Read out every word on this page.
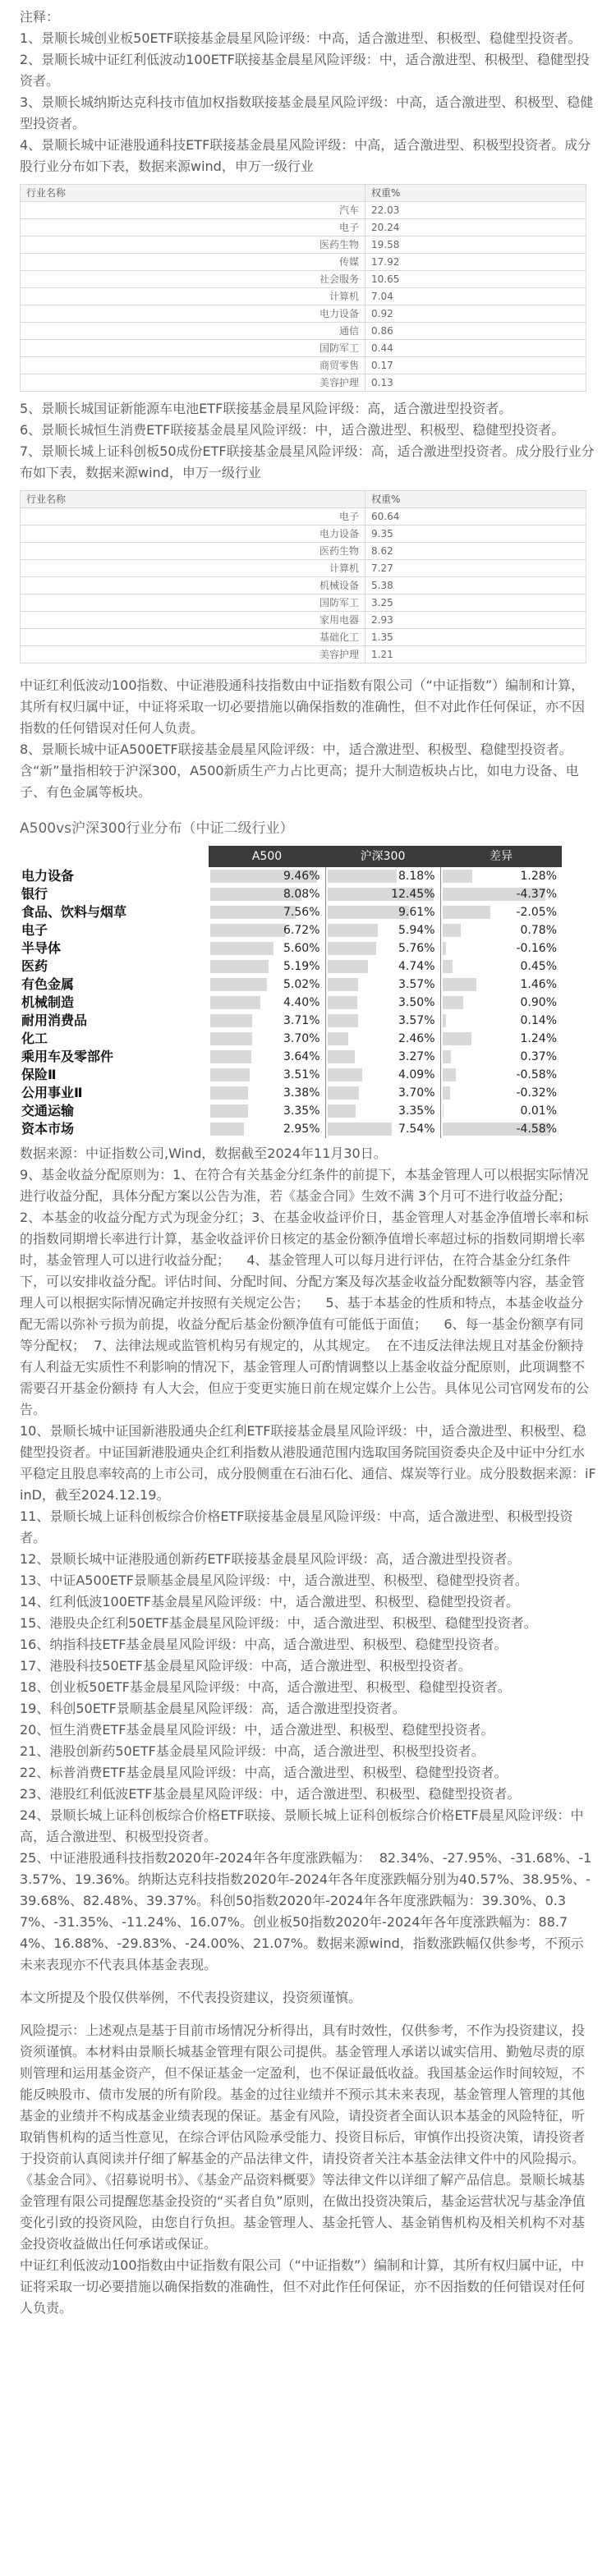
注释：

1、景顺长城创业板50ETF联接基金晨星风险评级：中高，适合激进型、积极型、稳健型投资者。

2、景顺长城中证红利低波动100ETF联接基金晨星风险评级：中，适合激进型、积极型、稳健型投资者。

3、景顺长城纳斯达克科技市值加权指数联接基金晨星风险评级：中高，适合激进型、积极型、稳健型投资者。

4、景顺长城中证港股通科技ETF联接基金晨星风险评级：中高，适合激进型、积极型投资者。成分股行业分布如下表，数据来源wind，申万一级行业

行业名称	权重%
汽车	22.03
电子	20.24
医药生物	19.58
传媒	17.92
社会服务	10.65
计算机	7.04
电力设备	0.92
通信	0.86
国防军工	0.44
商贸零售	0.17
美容护理	0.13

5、景顺长城国证新能源车电池ETF联接基金晨星风险评级：高，适合激进型投资者。

6、景顺长城恒生消费ETF联接基金晨星风险评级：中，适合激进型、积极型、稳健型投资者。

7、景顺长城上证科创板50成份ETF联接基金晨星风险评级：高，适合激进型投资者。成分股行业分布如下表，数据来源wind，申万一级行业

行业名称	权重%
电子	60.64
电力设备	9.35
医药生物	8.62
计算机	7.27
机械设备	5.38
国防军工	3.25
家用电器	2.93
基础化工	1.35
美容护理	1.21

中证红利低波动100指数、中证港股通科技指数由中证指数有限公司（“中证指数”）编制和计算，其所有权归属中证，中证将采取一切必要措施以确保指数的准确性，但不对此作任何保证，亦不因指数的任何错误对任何人负责。

8、景顺长城中证A500ETF联接基金晨星风险评级：中，适合激进型、积极型、稳健型投资者。含“新”量指相较于沪深300，A500新质生产力占比更高；提升大制造板块占比，如电力设备、电子、有色金属等板块。

A500vs沪深300行业分布（中证二级行业）
	A500	沪深300	差异
电力设备	9.46%	8.18%	1.28%

银行	8.08%	12.45%	-4.37%

食品、饮料与烟草	7.56%	9.61%	-2.05%

电子	6.72%	5.94%	0.78%

半导体	5.60%	5.76%	-0.16%

医药	5.19%	4.74%	0.45%

有色金属	5.02%	3.57%	1.46%

机械制造	4.40%	3.50%	0.90%

耐用消费品	3.71%	3.57%	0.14%

化工	3.70%	2.46%	1.24%

乘用车及零部件	3.64%	3.27%	0.37%

保险Ⅱ	3.51%	4.09%	-0.58%

公用事业Ⅱ	3.38%	3.70%	-0.32%

交通运输	3.35%	3.35%	0.01%

资本市场	2.95%	7.54%	-4.58%

数据来源：中证指数公司,Wind，数据截至2024年11月30日。

9、基金收益分配原则为：1、在符合有关基金分红条件的前提下，本基金管理人可以根据实际情况进行收益分配，具体分配方案以公告为准，若《基金合同》生效不满 3个月可不进行收益分配；  2、本基金的收益分配方式为现金分红；3、在基金收益评价日，基金管理人对基金净值增长率和标的指数同期增长率进行计算，基金收益评价日核定的基金份额净值增长率超过标的指数同期增长率时，基金管理人可以进行收益分配；    4、基金管理人可以每月进行评估，在符合基金分红条件下，可以安排收益分配。评估时间、分配时间、分配方案及每次基金收益分配数额等内容，基金管理人可以根据实际情况确定并按照有关规定公告；    5、基于本基金的性质和特点，本基金收益分配无需以弥补亏损为前提，收益分配后基金份额净值有可能低于面值；    6、每一基金份额享有同等分配权；  7、法律法规或监管机构另有规定的，从其规定。  在不违反法律法规且对基金份额持有人利益无实质性不利影响的情况下，基金管理人可酌情调整以上基金收益分配原则，此项调整不需要召开基金份额持 有人大会，但应于变更实施日前在规定媒介上公告。具体见公司官网发布的公告。

10、景顺长城中证国新港股通央企红利ETF联接基金晨星风险评级：中，适合激进型、积极型、稳健型投资者。中证国新港股通央企红利指数从港股通范围内选取国务院国资委央企及中证中分红水平稳定且股息率较高的上市公司，成分股侧重在石油石化、通信、煤炭等行业。成分股数据来源：iFinD，截至2024.12.19。

11、景顺长城上证科创板综合价格ETF联接基金晨星风险评级：中高，适合激进型、积极型投资者。

12、景顺长城中证港股通创新药ETF联接基金晨星风险评级：高，适合激进型投资者。

13、中证A500ETF景顺基金晨星风险评级：中，适合激进型、积极型、稳健型投资者。

14、红利低波100ETF基金晨星风险评级：中，适合激进型、积极型、稳健型投资者。

15、港股央企红利50ETF基金晨星风险评级：中，适合激进型、积极型、稳健型投资者。

16、纳指科技ETF基金晨星风险评级：中高，适合激进型、积极型、稳健型投资者。

17、港股科技50ETF基金晨星风险评级：中高，适合激进型、积极型投资者。

18、创业板50ETF基金晨星风险评级：中高，适合激进型、积极型、稳健型投资者。

19、科创50ETF景顺基金晨星风险评级：高，适合激进型投资者。

20、恒生消费ETF基金晨星风险评级：中，适合激进型、积极型、稳健型投资者。

21、港股创新药50ETF基金晨星风险评级：中高，适合激进型、积极型投资者。

22、标普消费ETF基金晨星风险评级：中高，适合激进型、积极型、稳健型投资者。

23、港股红利低波ETF基金晨星风险评级：中，适合激进型、积极型、稳健型投资者。

24、景顺长城上证科创板综合价格ETF联接、景顺长城上证科创板综合价格ETF晨星风险评级：中高，适合激进型、积极型投资者。

25、中证港股通科技指数2020年-2024年各年度涨跌幅为：  82.34%、-27.95%、-31.68%、-13.57%、19.36%。纳斯达克科技指数2020年-2024年各年度涨跌幅分别为40.57%、38.95%、-39.68%、82.48%、39.37%。科创50指数2020年-2024年各年度涨跌幅为：39.30%、0.37%、-31.35%、-11.24%、16.07%。创业板50指数2020年-2024年各年度涨跌幅为：88.74%、16.88%、-29.83%、-24.00%、21.07%。数据来源wind，指数涨跌幅仅供参考，不预示未来表现亦不代表具体基金表现。

本文所提及个股仅供举例，不代表投资建议，投资须谨慎。

风险提示：上述观点是基于目前市场情况分析得出，具有时效性，仅供参考，不作为投资建议，投资须谨慎。本材料由景顺长城基金管理有限公司提供。基金管理人承诺以诚实信用、勤勉尽责的原则管理和运用基金资产，但不保证基金一定盈利，也不保证最低收益。我国基金运作时间较短，不能反映股市、债市发展的所有阶段。基金的过往业绩并不预示其未来表现，基金管理人管理的其他基金的业绩并不构成基金业绩表现的保证。基金有风险，请投资者全面认识本基金的风险特征，听取销售机构的适当性意见，在综合评估风险承受能力、投资目标后，审慎作出投资决策，请投资者于投资前认真阅读并仔细了解基金的产品法律文件，请投资者关注本基金法律文件中的风险揭示。

《基金合同》、《招募说明书》、《基金产品资料概要》等法律文件以详细了解产品信息。景顺长城基金管理有限公司提醒您基金投资的“买者自负”原则，在做出投资决策后，基金运营状况与基金净值变化引致的投资风险，由您自行负担。基金管理人、基金托管人、基金销售机构及相关机构不对基金投资收益做出任何承诺或保证。

中证红利低波动100指数由中证指数有限公司（“中证指数”）编制和计算，其所有权归属中证，中证将采取一切必要措施以确保指数的准确性，但不对此作任何保证，亦不因指数的任何错误对任何人负责。
